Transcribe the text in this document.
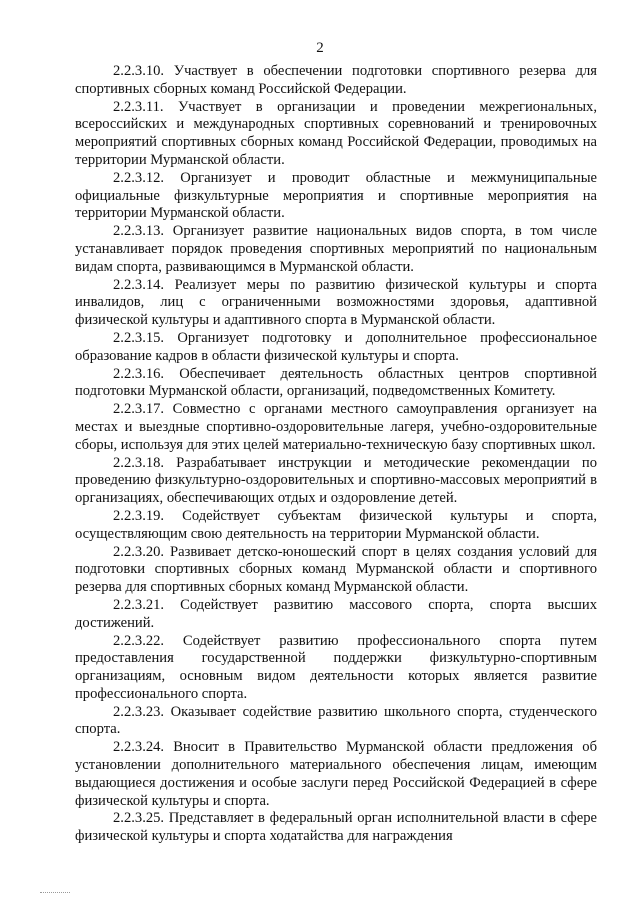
2

2.2.3.10. Участвует в обеспечении подготовки спортивного резерва для спортивных сборных команд Российской Федерации.

2.2.3.11. Участвует в организации и проведении межрегиональных, всероссийских и международных спортивных соревнований и тренировочных мероприятий спортивных сборных команд Российской Федерации, проводимых на территории Мурманской области.

2.2.3.12. Организует и проводит областные и межмуниципальные официальные физкультурные мероприятия и спортивные мероприятия на территории Мурманской области.

2.2.3.13. Организует развитие национальных видов спорта, в том числе устанавливает порядок проведения спортивных мероприятий по национальным видам спорта, развивающимся в Мурманской области.

2.2.3.14. Реализует меры по развитию физической культуры и спорта инвалидов, лиц с ограниченными возможностями здоровья, адаптивной физической культуры и адаптивного спорта в Мурманской области.

2.2.3.15. Организует подготовку и дополнительное профессиональное образование кадров в области физической культуры и спорта.

2.2.3.16. Обеспечивает деятельность областных центров спортивной подготовки Мурманской области, организаций, подведомственных Комитету.

2.2.3.17. Совместно с органами местного самоуправления организует на местах и выездные спортивно-оздоровительные лагеря, учебно-оздоровительные сборы, используя для этих целей материально-техническую базу спортивных школ.

2.2.3.18. Разрабатывает инструкции и методические рекомендации по проведению физкультурно-оздоровительных и спортивно-массовых мероприятий в организациях, обеспечивающих отдых и оздоровление детей.

2.2.3.19. Содействует субъектам физической культуры и спорта, осуществляющим свою деятельность на территории Мурманской области.

2.2.3.20. Развивает детско-юношеский спорт в целях создания условий для подготовки спортивных сборных команд Мурманской области и спортивного резерва для спортивных сборных команд Мурманской области.

2.2.3.21. Содействует развитию массового спорта, спорта высших достижений.

2.2.3.22. Содействует развитию профессионального спорта путем предоставления государственной поддержки физкультурно-спортивным организациям, основным видом деятельности которых является развитие профессионального спорта.

2.2.3.23. Оказывает содействие развитию школьного спорта, студенческого спорта.

2.2.3.24. Вносит в Правительство Мурманской области предложения об установлении дополнительного материального обеспечения лицам, имеющим выдающиеся достижения и особые заслуги перед Российской Федерацией в сфере физической культуры и спорта.

2.2.3.25. Представляет в федеральный орган исполнительной власти в сфере физической культуры и спорта ходатайства для награждения
